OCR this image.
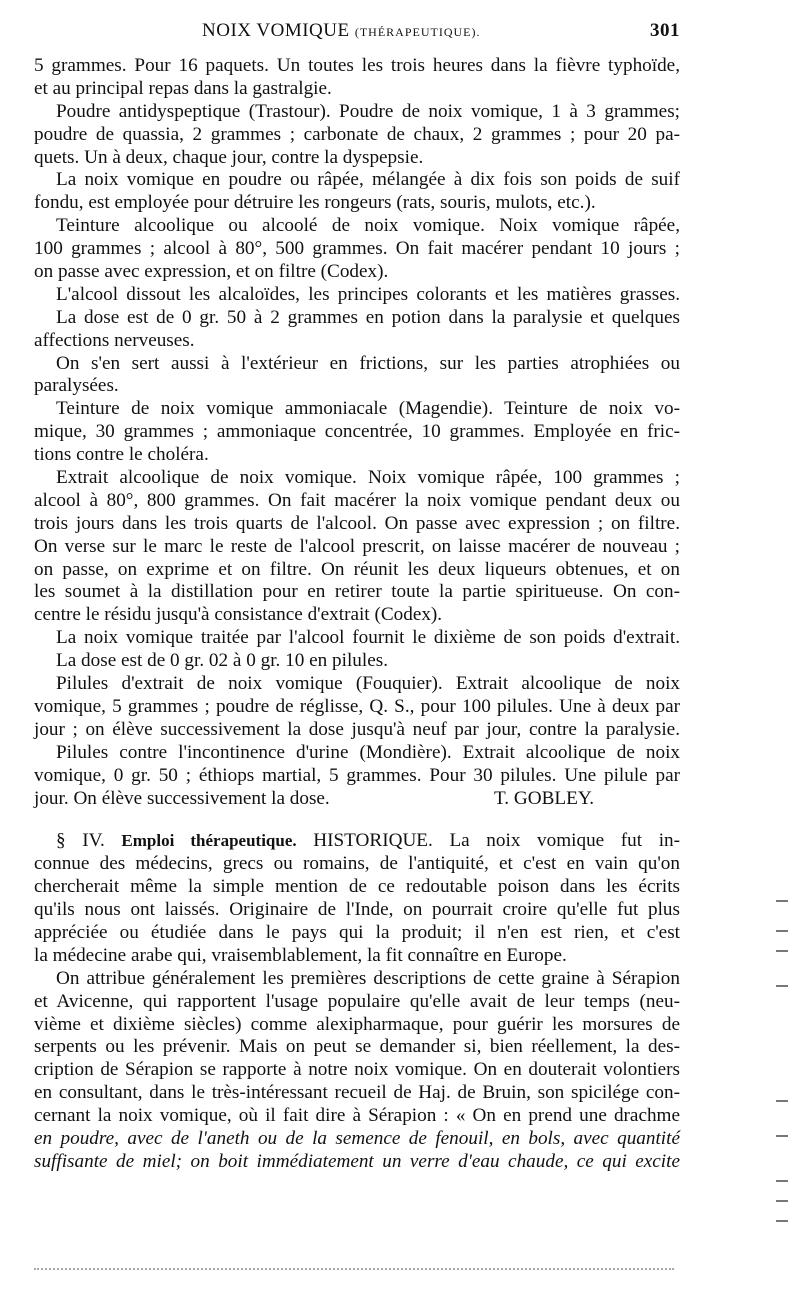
NOIX VOMIQUE (THÉRAPEUTIQUE).	301
5 grammes. Pour 16 paquets. Un toutes les trois heures dans la fièvre typhoïde,
et au principal repas dans la gastralgie.
Poudre antidyspeptique (Trastour). Poudre de noix vomique, 1 à 3 grammes;
poudre de quassia, 2 grammes ; carbonate de chaux, 2 grammes ; pour 20 pa-
quets. Un à deux, chaque jour, contre la dyspepsie.
La noix vomique en poudre ou râpée, mélangée à dix fois son poids de suif
fondu, est employée pour détruire les rongeurs (rats, souris, mulots, etc.).
Teinture alcoolique ou alcoolé de noix vomique. Noix vomique râpée,
100 grammes ; alcool à 80°, 500 grammes. On fait macérer pendant 10 jours ;
on passe avec expression, et on filtre (Codex).
L'alcool dissout les alcaloïdes, les principes colorants et les matières grasses.
La dose est de 0 gr. 50 à 2 grammes en potion dans la paralysie et quelques
affections nerveuses.
On s'en sert aussi à l'extérieur en frictions, sur les parties atrophiées ou
paralysées.
Teinture de noix vomique ammoniacale (Magendie). Teinture de noix vo-
mique, 30 grammes ; ammoniaque concentrée, 10 grammes. Employée en fric-
tions contre le choléra.
Extrait alcoolique de noix vomique. Noix vomique râpée, 100 grammes ;
alcool à 80°, 800 grammes. On fait macérer la noix vomique pendant deux ou
trois jours dans les trois quarts de l'alcool. On passe avec expression ; on filtre.
On verse sur le marc le reste de l'alcool prescrit, on laisse macérer de nouveau ;
on passe, on exprime et on filtre. On réunit les deux liqueurs obtenues, et on
les soumet à la distillation pour en retirer toute la partie spiritueuse. On con-
centre le résidu jusqu'à consistance d'extrait (Codex).
La noix vomique traitée par l'alcool fournit le dixième de son poids d'extrait.
La dose est de 0 gr. 02 à 0 gr. 10 en pilules.
Pilules d'extrait de noix vomique (Fouquier). Extrait alcoolique de noix
vomique, 5 grammes ; poudre de réglisse, Q. S., pour 100 pilules. Une à deux par
jour ; on élève successivement la dose jusqu'à neuf par jour, contre la paralysie.
Pilules contre l'incontinence d'urine (Mondière). Extrait alcoolique de noix
vomique, 0 gr. 50 ; éthiops martial, 5 grammes. Pour 30 pilules. Une pilule par
jour. On élève successivement la dose.	T. GOBLEY.
§ IV. Emploi thérapeutique. HISTORIQUE. La noix vomique fut in-
connue des médecins, grecs ou romains, de l'antiquité, et c'est en vain qu'on
chercherait même la simple mention de ce redoutable poison dans les écrits
qu'ils nous ont laissés. Originaire de l'Inde, on pourrait croire qu'elle fut plus
appréciée ou étudiée dans le pays qui la produit; il n'en est rien, et c'est
la médecine arabe qui, vraisemblablement, la fit connaître en Europe.
On attribue généralement les premières descriptions de cette graine à Sérapion
et Avicenne, qui rapportent l'usage populaire qu'elle avait de leur temps (neu-
vième et dixième siècles) comme alexipharmaque, pour guérir les morsures de
serpents ou les prévenir. Mais on peut se demander si, bien réellement, la des-
cription de Sérapion se rapporte à notre noix vomique. On en douterait volontiers
en consultant, dans le très-intéressant recueil de Haj. de Bruin, son spicilége con-
cernant la noix vomique, où il fait dire à Sérapion : « On en prend une drachme
en poudre, avec de l'aneth ou de la semence de fenouil, en bols, avec quantité
suffisante de miel; on boit immédiatement un verre d'eau chaude, ce qui excite
